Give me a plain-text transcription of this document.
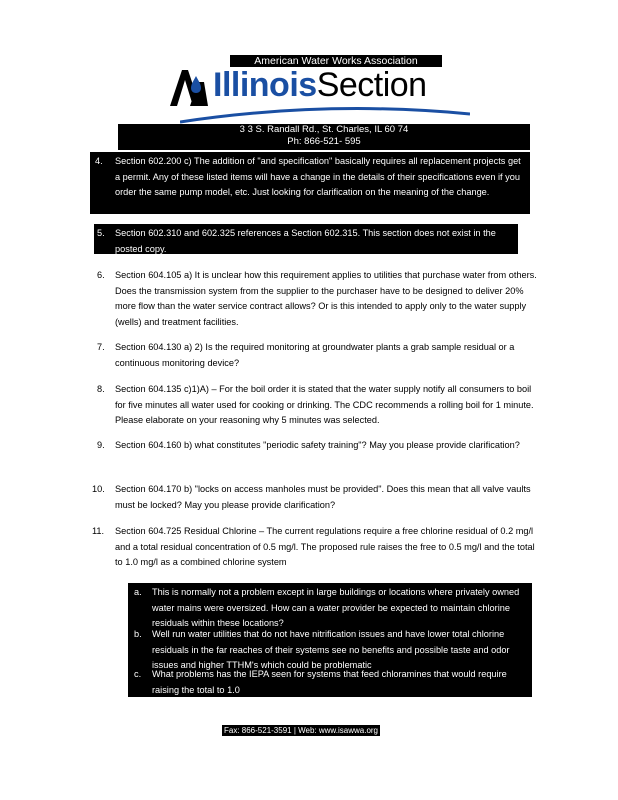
American Water Works Association
IllinoisSection
3 3 S. Randall Rd., St. Charles, IL 60 74
Ph: 866-521- 595
4. Section 602.200 c) The addition of "and specification" basically requires all replacement projects get a permit. Any of these listed items will have a change in the details of their specifications even if you order the same pump model, etc. Just looking for clarification on the meaning of the change.
5. Section 602.310 and 602.325 references a Section 602.315. This section does not exist in the posted copy.
6. Section 604.105 a) It is unclear how this requirement applies to utilities that purchase water from others. Does the transmission system from the supplier to the purchaser have to be designed to deliver 20% more flow than the water service contract allows? Or is this intended to apply only to the water supply (wells) and treatment facilities.
7. Section 604.130 a) 2) Is the required monitoring at groundwater plants a grab sample residual or a continuous monitoring device?
8. Section 604.135 c)1)A) – For the boil order it is stated that the water supply notify all consumers to boil for five minutes all water used for cooking or drinking. The CDC recommends a rolling boil for 1 minute. Please elaborate on your reasoning why 5 minutes was selected.
9. Section 604.160 b) what constitutes "periodic safety training"? May you please provide clarification?
10. Section 604.170 b) "locks on access manholes must be provided". Does this mean that all valve vaults must be locked? May you please provide clarification?
11. Section 604.725 Residual Chlorine – The current regulations require a free chlorine residual of 0.2 mg/l and a total residual concentration of 0.5 mg/l. The proposed rule raises the free to 0.5 mg/l and the total to 1.0 mg/l as a combined chlorine system
a. This is normally not a problem except in large buildings or locations where privately owned water mains were oversized. How can a water provider be expected to maintain chlorine residuals within these locations?
b. Well run water utilities that do not have nitrification issues and have lower total chlorine residuals in the far reaches of their systems see no benefits and possible taste and odor issues and higher TTHM's which could be problematic
c. What problems has the IEPA seen for systems that feed chloramines that would require raising the total to 1.0
Fax: 866-521-3591 | Web: www.isawwa.org
